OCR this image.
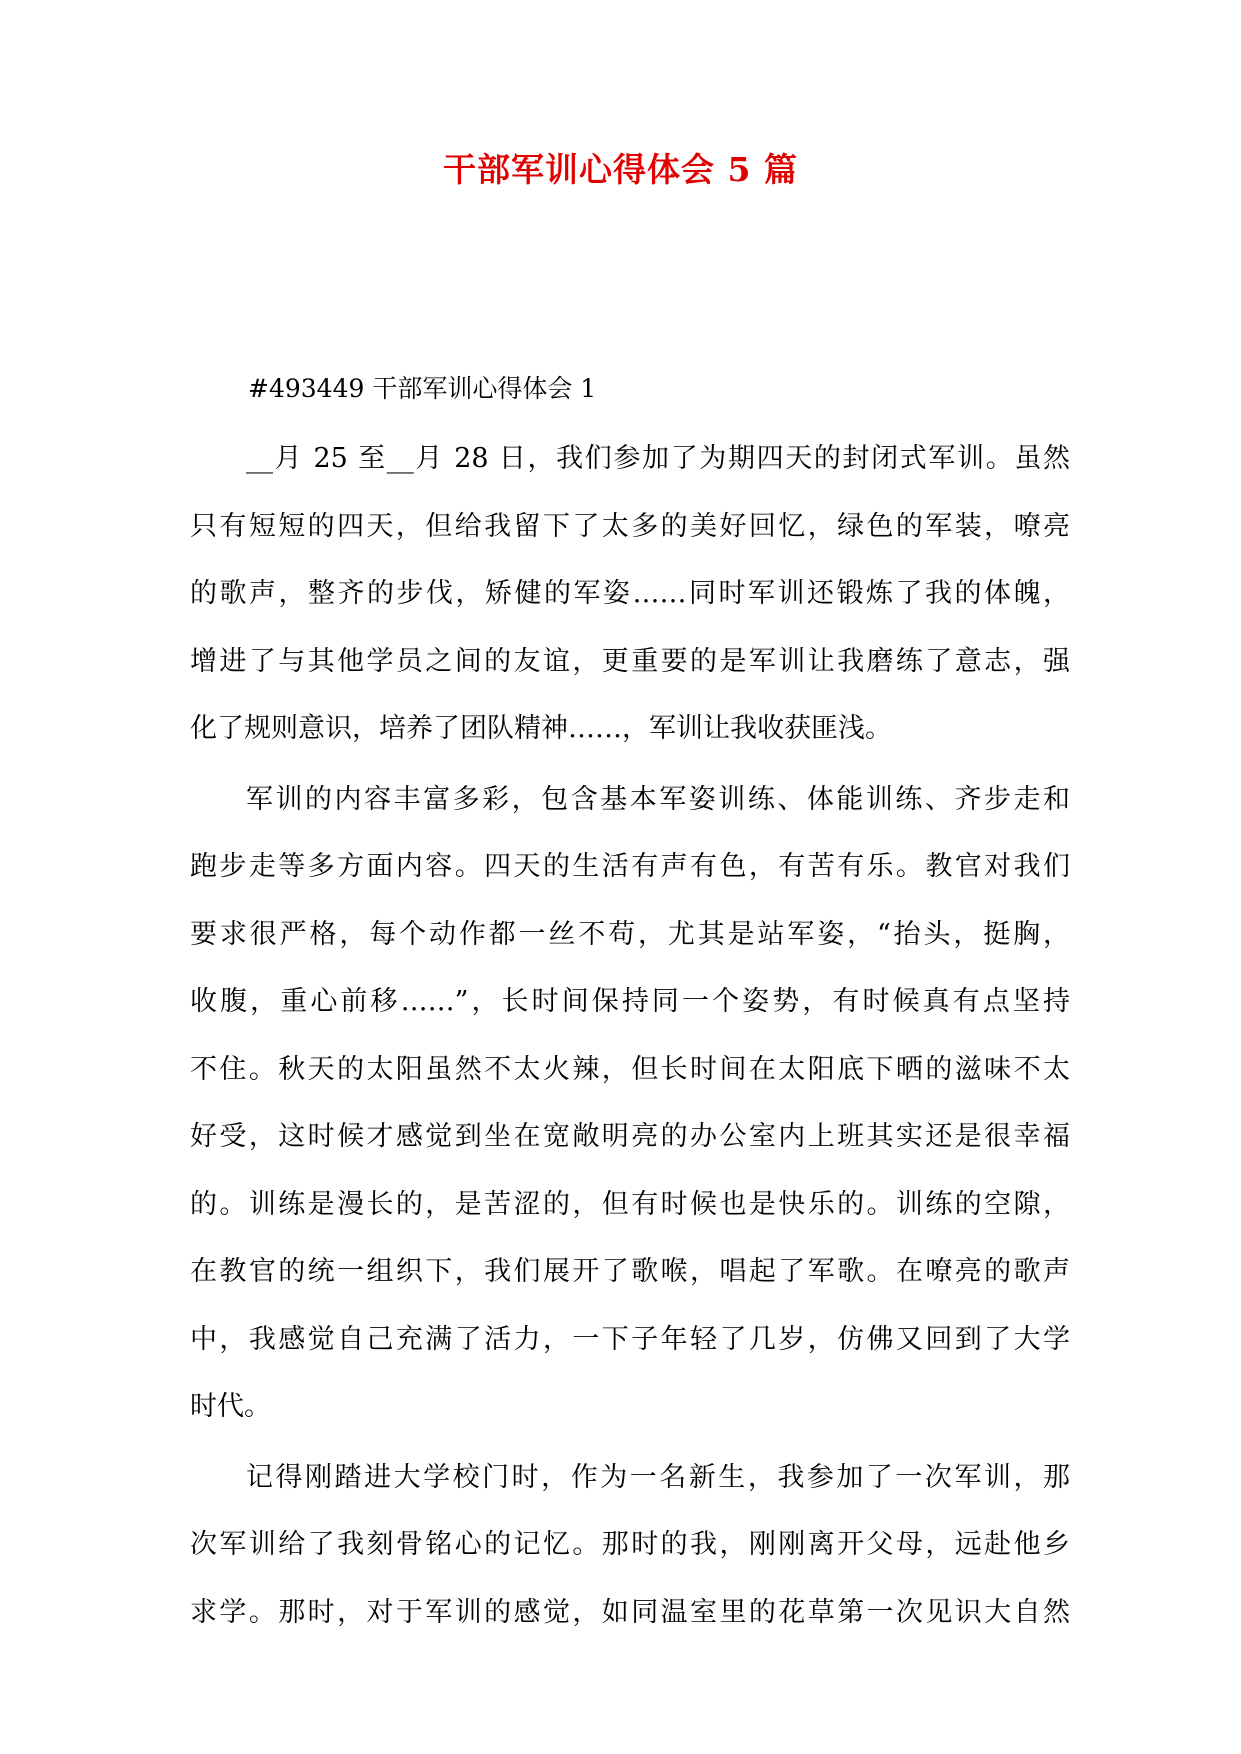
干部军训心得体会 5 篇
#493449 干部军训心得体会 1
__月 25 至__月 28 日，我们参加了为期四天的封闭式军训。虽然
只有短短的四天，但给我留下了太多的美好回忆，绿色的军装，嘹亮
的歌声，整齐的步伐，矫健的军姿……同时军训还锻炼了我的体魄，
增进了与其他学员之间的友谊，更重要的是军训让我磨练了意志，强
化了规则意识，培养了团队精神……，军训让我收获匪浅。
军训的内容丰富多彩，包含基本军姿训练、体能训练、齐步走和
跑步走等多方面内容。四天的生活有声有色，有苦有乐。教官对我们
要求很严格，每个动作都一丝不苟，尤其是站军姿，“抬头，挺胸，
收腹，重心前移……”，长时间保持同一个姿势，有时候真有点坚持
不住。秋天的太阳虽然不太火辣，但长时间在太阳底下晒的滋味不太
好受，这时候才感觉到坐在宽敞明亮的办公室内上班其实还是很幸福
的。训练是漫长的，是苦涩的，但有时候也是快乐的。训练的空隙，
在教官的统一组织下，我们展开了歌喉，唱起了军歌。在嘹亮的歌声
中，我感觉自己充满了活力，一下子年轻了几岁，仿佛又回到了大学
时代。
记得刚踏进大学校门时，作为一名新生，我参加了一次军训，那
次军训给了我刻骨铭心的记忆。那时的我，刚刚离开父母，远赴他乡
求学。那时，对于军训的感觉，如同温室里的花草第一次见识大自然
